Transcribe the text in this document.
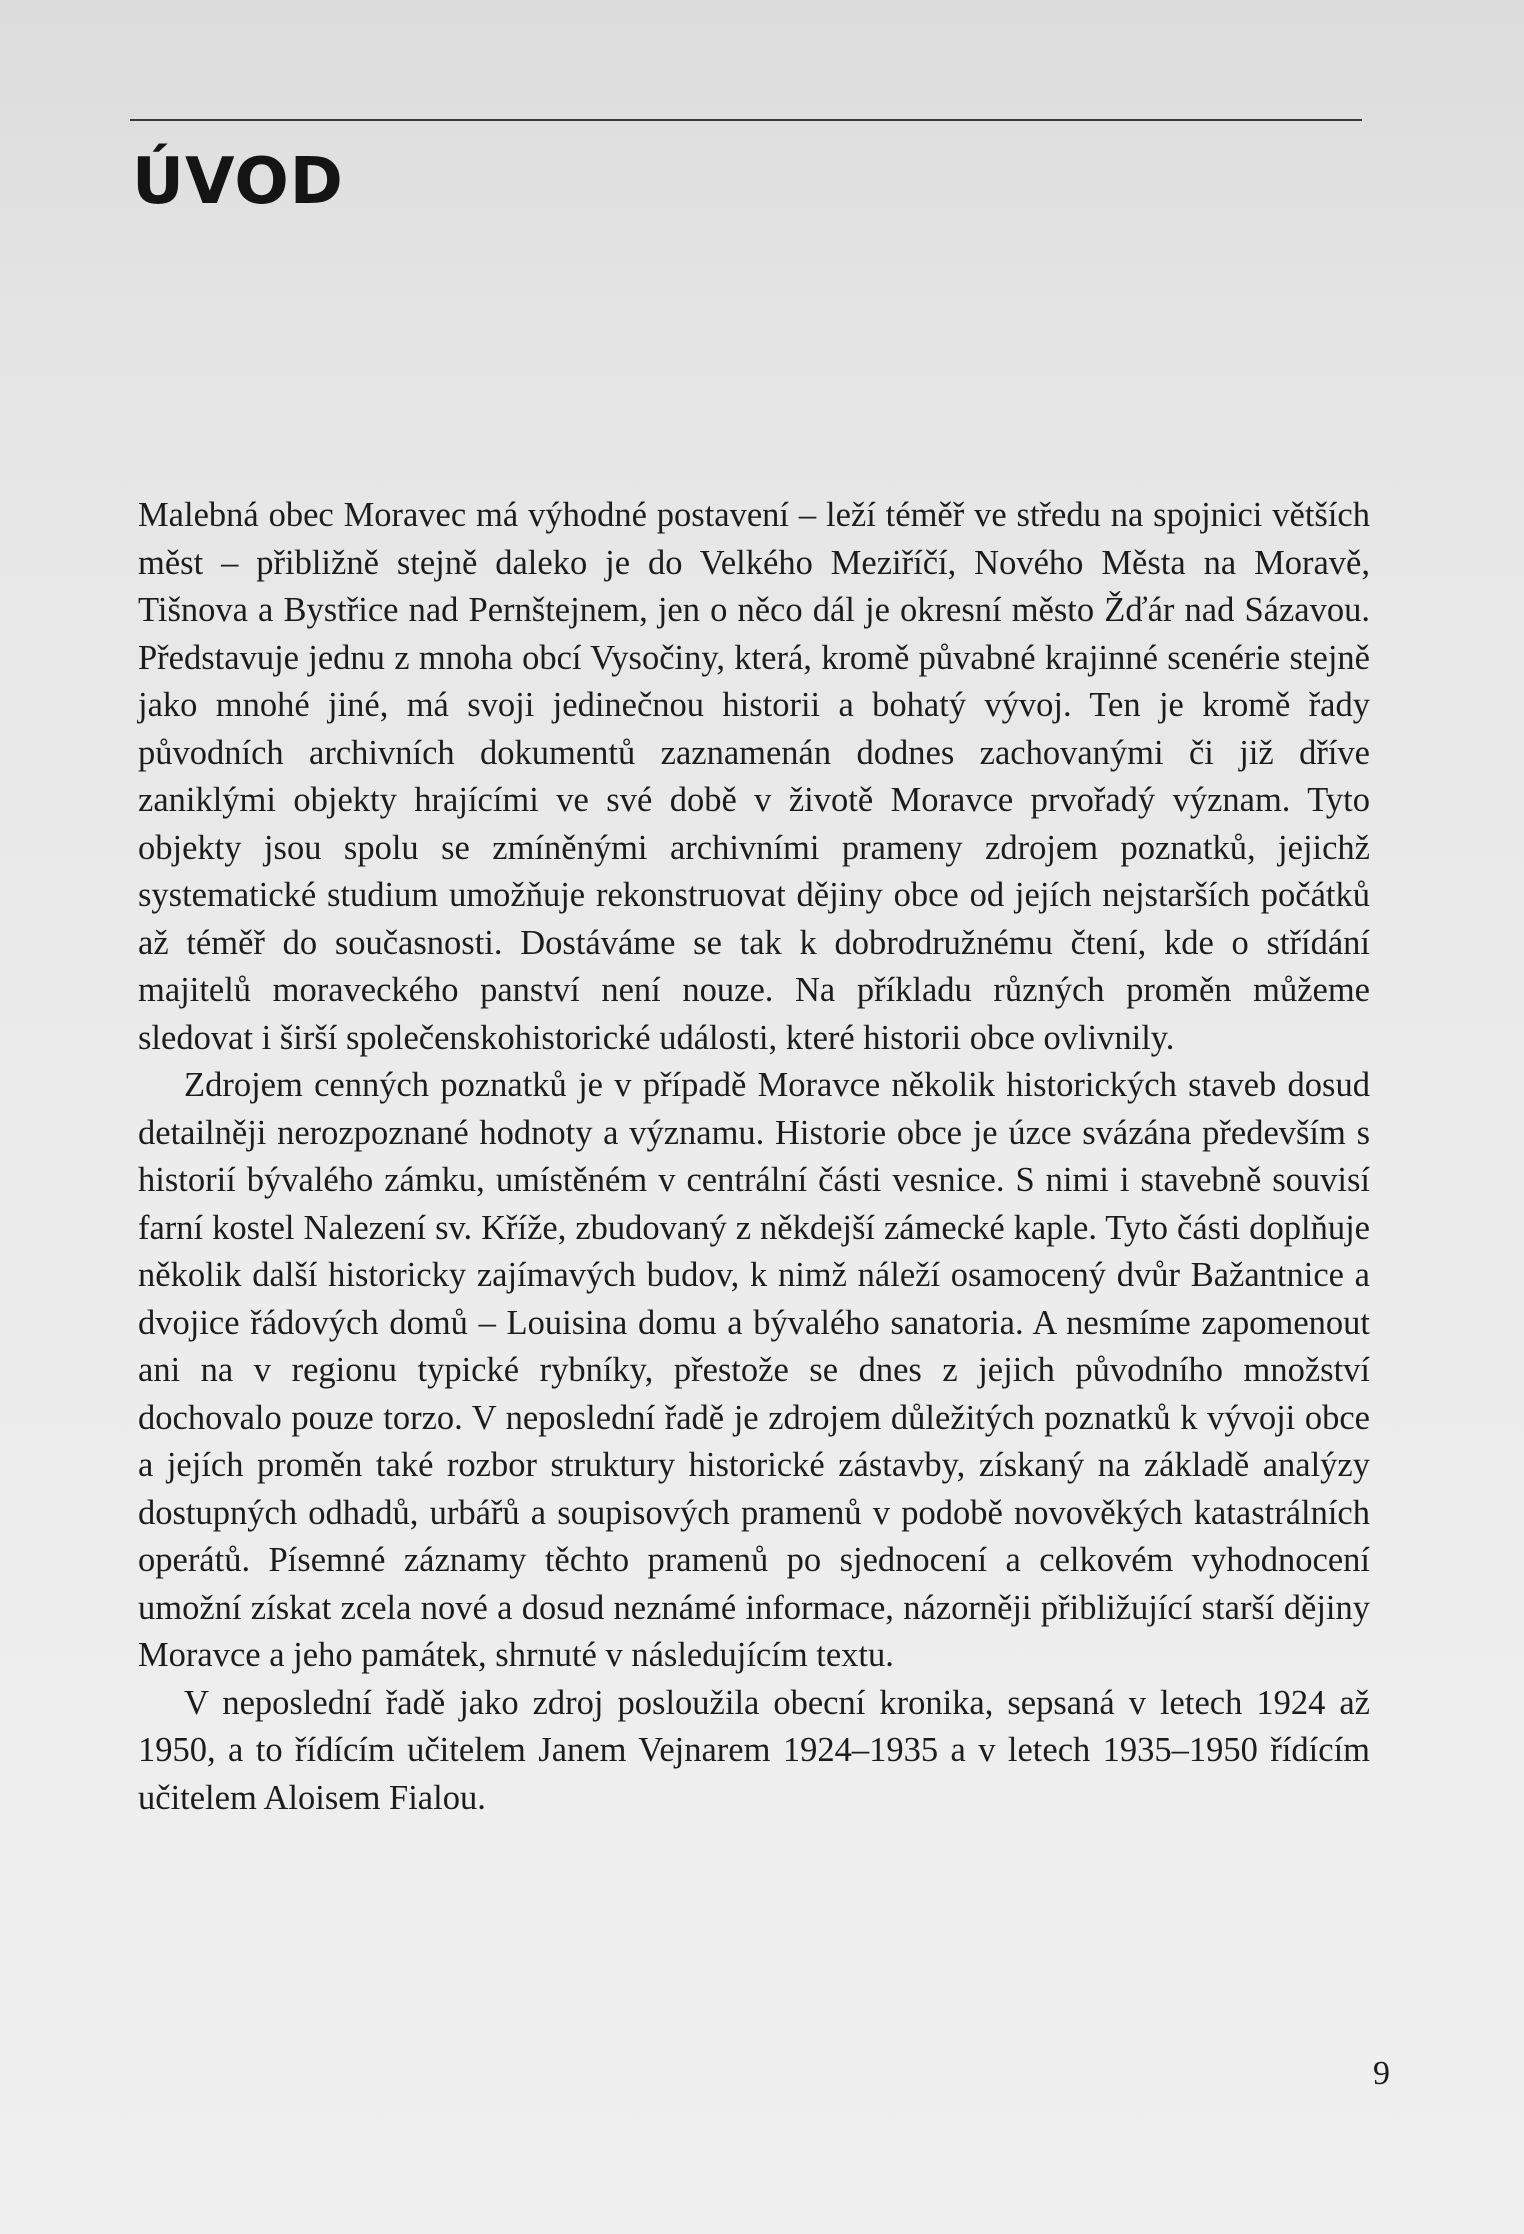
ÚVOD

Malebná obec Moravec má výhodné postavení – leží téměř ve středu na spojnici větších měst – přibližně stejně daleko je do Velkého Meziříčí, Nového Města na Moravě, Tišnova a Bystřice nad Pernštejnem, jen o něco dál je okresní město Žďár nad Sázavou. Představuje jednu z mnoha obcí Vysočiny, která, kromě půvabné krajinné scenérie stejně jako mnohé jiné, má svoji jedinečnou historii a bohatý vývoj. Ten je kromě řady původních archivních dokumentů zaznamenán dodnes zachovanými či již dříve zaniklými objekty hrajícími ve své době v životě Moravce prvořadý význam. Tyto objekty jsou spolu se zmíněnými archivními prameny zdrojem poznatků, jejichž systematické studium umožňuje rekonstruovat dějiny obce od jejích nejstarších počátků až téměř do současnosti. Dostáváme se tak k dobrodružnému čtení, kde o střídání majitelů moraveckého panství není nouze. Na příkladu různých proměn můžeme sledovat i širší společenskohistorické události, které historii obce ovlivnily.

Zdrojem cenných poznatků je v případě Moravce několik historických staveb dosud detailněji nerozpoznané hodnoty a významu. Historie obce je úzce svázána především s historií bývalého zámku, umístěném v centrální části vesnice. S nimi i stavebně souvisí farní kostel Nalezení sv. Kříže, zbudovaný z někdejší zámecké kaple. Tyto části doplňuje několik další historicky zajímavých budov, k nimž náleží osamocený dvůr Bažantnice a dvojice řádových domů – Louisina domu a bývalého sanatoria. A nesmíme zapomenout ani na v regionu typické rybníky, přestože se dnes z jejich původního množství dochovalo pouze torzo. V neposlední řadě je zdrojem důležitých poznatků k vývoji obce a jejích proměn také rozbor struktury historické zástavby, získaný na základě analýzy dostupných odhadů, urbářů a soupisových pramenů v podobě novověkých katastrálních operátů. Písemné záznamy těchto pramenů po sjednocení a celkovém vyhodnocení umožní získat zcela nové a dosud neznámé informace, názorněji přibližující starší dějiny Moravce a jeho památek, shrnuté v následujícím textu.

V neposlední řadě jako zdroj posloužila obecní kronika, sepsaná v letech 1924 až 1950, a to řídícím učitelem Janem Vejnarem 1924–1935 a v letech 1935–1950 řídícím učitelem Aloisem Fialou.

9
